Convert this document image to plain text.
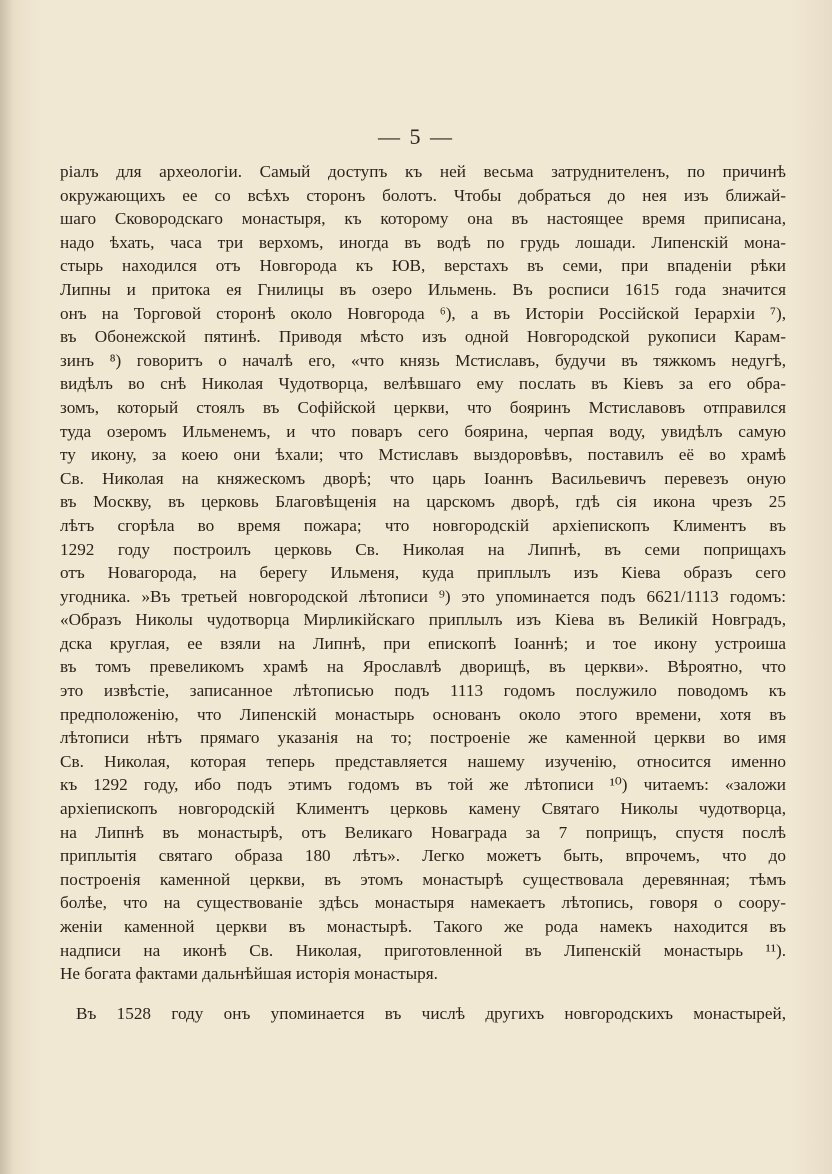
— 5 —
ріалъ для археологіи. Самый доступъ къ ней весьма затруднителенъ, по причинѣ
окружающихъ ее со всѣхъ сторонъ болотъ. Чтобы добраться до нея изъ ближай-
шаго Сковородскаго монастыря, къ которому она въ настоящее время приписана,
надо ѣхать, часа три верхомъ, иногда въ водѣ по грудь лошади. Липенскій мона-
стырь находился отъ Новгорода къ ЮВ, верстахъ въ семи, при впаденіи рѣки
Липны и притока ея Гнилицы въ озеро Ильмень. Въ росписи 1615 года значится
онъ на Торговой сторонѣ около Новгорода ⁶), а въ Исторіи Россійской Іерархіи ⁷),
въ Обонежской пятинѣ. Приводя мѣсто изъ одной Новгородской рукописи Карам-
зинъ ⁸) говоритъ о началѣ его, «что князь Мстиславъ, будучи въ тяжкомъ недугѣ,
видѣлъ во снѣ Николая Чудотворца, велѣвшаго ему послать въ Кіевъ за его обра-
зомъ, который стоялъ въ Софійской церкви, что бояринъ Мстиславовъ отправился
туда озеромъ Ильменемъ, и что поваръ сего боярина, черпая воду, увидѣлъ самую
ту икону, за коею они ѣхали; что Мстиславъ выздоровѣвъ, поставилъ её во храмѣ
Св. Николая на княжескомъ дворѣ; что царь Іоаннъ Васильевичъ перевезъ оную
въ Москву, въ церковь Благовѣщенія на царскомъ дворѣ, гдѣ сія икона чрезъ 25
лѣтъ сгорѣла во время пожара; что новгородскій архіепископъ Климентъ въ
1292 году построилъ церковь Св. Николая на Липнѣ, въ семи поприщахъ
отъ Новагорода, на берегу Ильменя, куда приплылъ изъ Кіева образъ сего
угодника. »Въ третьей новгородской лѣтописи ⁹) это упоминается подъ 6621/1113 годомъ:
«Образъ Николы чудотворца Мирликійскаго приплылъ изъ Кіева въ Великій Новградъ,
дска круглая, ее взяли на Липнѣ, при епископѣ Іоаннѣ; и тое икону устроиша
въ томъ превеликомъ храмѣ на Ярославлѣ дворищѣ, въ церкви». Вѣроятно, что
это извѣстіе, записанное лѣтописью подъ 1113 годомъ послужило поводомъ къ
предположенію, что Липенскій монастырь основанъ около этого времени, хотя въ
лѣтописи нѣтъ прямаго указанія на то; построеніе же каменной церкви во имя
Св. Николая, которая теперь представляется нашему изученію, относится именно
къ 1292 году, ибо подъ этимъ годомъ въ той же лѣтописи ¹⁰) читаемъ: «заложи
архіепископъ новгородскій Климентъ церковь камену Святаго Николы чудотворца,
на Липнѣ въ монастырѣ, отъ Великаго Новаграда за 7 поприщъ, спустя послѣ
приплытія святаго образа 180 лѣтъ». Легко можетъ быть, впрочемъ, что до
построенія каменной церкви, въ этомъ монастырѣ существовала деревянная; тѣмъ
болѣе, что на существованіе здѣсь монастыря намекаетъ лѣтопись, говоря о соору-
женіи каменной церкви въ монастырѣ. Такого же рода намекъ находится въ
надписи на иконѣ Св. Николая, приготовленной въ Липенскій монастырь ¹¹).
Не богата фактами дальнѣйшая исторія монастыря.
Въ 1528 году онъ упоминается въ числѣ другихъ новгородскихъ монастырей,
